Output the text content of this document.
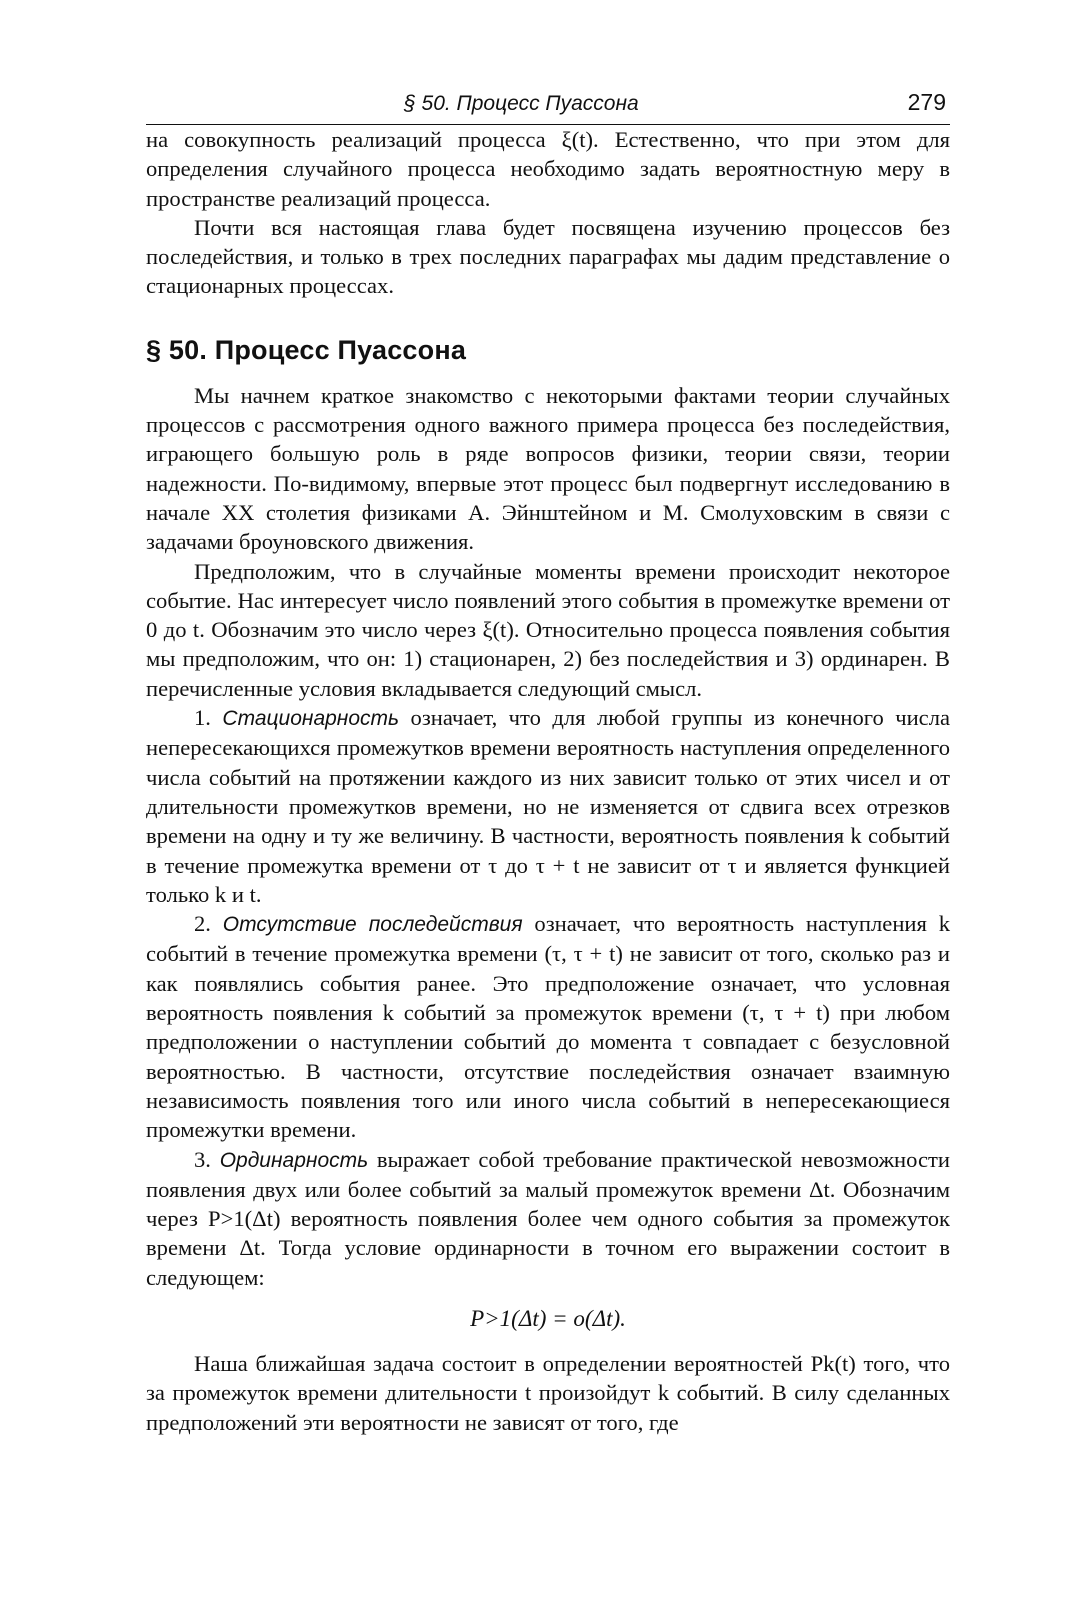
§ 50. Процесс Пуассона	279

на совокупность реализаций процесса ξ(t). Естественно, что при этом для определения случайного процесса необходимо задать вероятностную меру в пространстве реализаций процесса.

Почти вся настоящая глава будет посвящена изучению процессов без последействия, и только в трех последних параграфах мы дадим представление о стационарных процессах.

§ 50. Процесс Пуассона

Мы начнем краткое знакомство с некоторыми фактами теории случайных процессов с рассмотрения одного важного примера процесса без последействия, играющего большую роль в ряде вопросов физики, теории связи, теории надежности. По-видимому, впервые этот процесс был подвергнут исследованию в начале XX столетия физиками А. Эйнштейном и М. Смолуховским в связи с задачами броуновского движения.

Предположим, что в случайные моменты времени происходит некоторое событие. Нас интересует число появлений этого события в промежутке времени от 0 до t. Обозначим это число через ξ(t). Относительно процесса появления события мы предположим, что он: 1) стационарен, 2) без последействия и 3) ординарен. В перечисленные условия вкладывается следующий смысл.

1. Стационарность означает, что для любой группы из конечного числа непересекающихся промежутков времени вероятность наступления определенного числа событий на протяжении каждого из них зависит только от этих чисел и от длительности промежутков времени, но не изменяется от сдвига всех отрезков времени на одну и ту же величину. В частности, вероятность появления k событий в течение промежутка времени от τ до τ + t не зависит от τ и является функцией только k и t.

2. Отсутствие последействия означает, что вероятность наступления k событий в течение промежутка времени (τ, τ + t) не зависит от того, сколько раз и как появлялись события ранее. Это предположение означает, что условная вероятность появления k событий за промежуток времени (τ, τ + t) при любом предположении о наступлении событий до момента τ совпадает с безусловной вероятностью. В частности, отсутствие последействия означает взаимную независимость появления того или иного числа событий в непересекающиеся промежутки времени.

3. Ординарность выражает собой требование практической невозможности появления двух или более событий за малый промежуток времени Δt. Обозначим через P>1(Δt) вероятность появления более чем одного события за промежуток времени Δt. Тогда условие ординарности в точном его выражении состоит в следующем:

P>1(Δt) = o(Δt).

Наша ближайшая задача состоит в определении вероятностей Pk(t) того, что за промежуток времени длительности t произойдут k событий. В силу сделанных предположений эти вероятности не зависят от того, где
